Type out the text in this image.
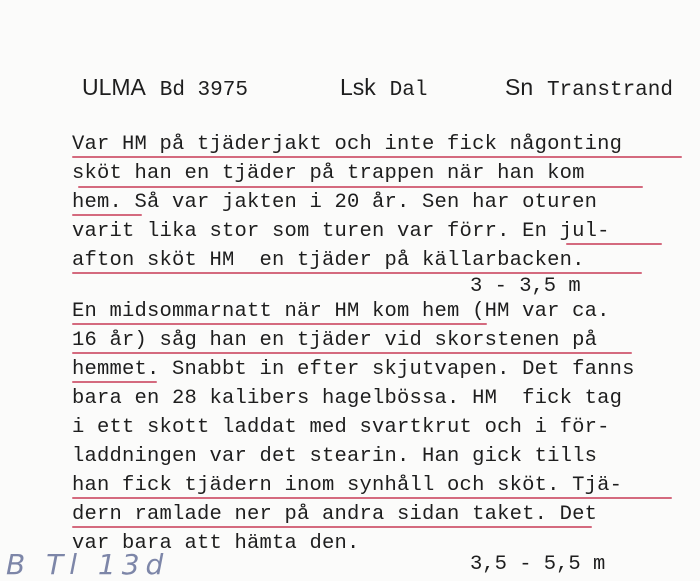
ULMA Bd 3975	Lsk Dal	Sn Transtrand
Var HM på tjäderjakt och inte fick någonting
sköt han en tjäder på trappen när han kom
hem. Så var jakten i 20 år. Sen har oturen
varit lika stor som turen var förr. En jul-
afton sköt HM  en tjäder på källarbacken.
3 - 3,5 m
En midsommarnatt när HM kom hem (HM var ca.
16 år) såg han en tjäder vid skorstenen på
hemmet. Snabbt in efter skjutvapen. Det fanns
bara en 28 kalibers hagelbössa. HM  fick tag
i ett skott laddat med svartkrut och i för-
laddningen var det stearin. Han gick tills
han fick tjädern inom synhåll och sköt. Tjä-
dern ramlade ner på andra sidan taket. Det
var bara att hämta den.
3,5 - 5,5 m
B Tl 13d
